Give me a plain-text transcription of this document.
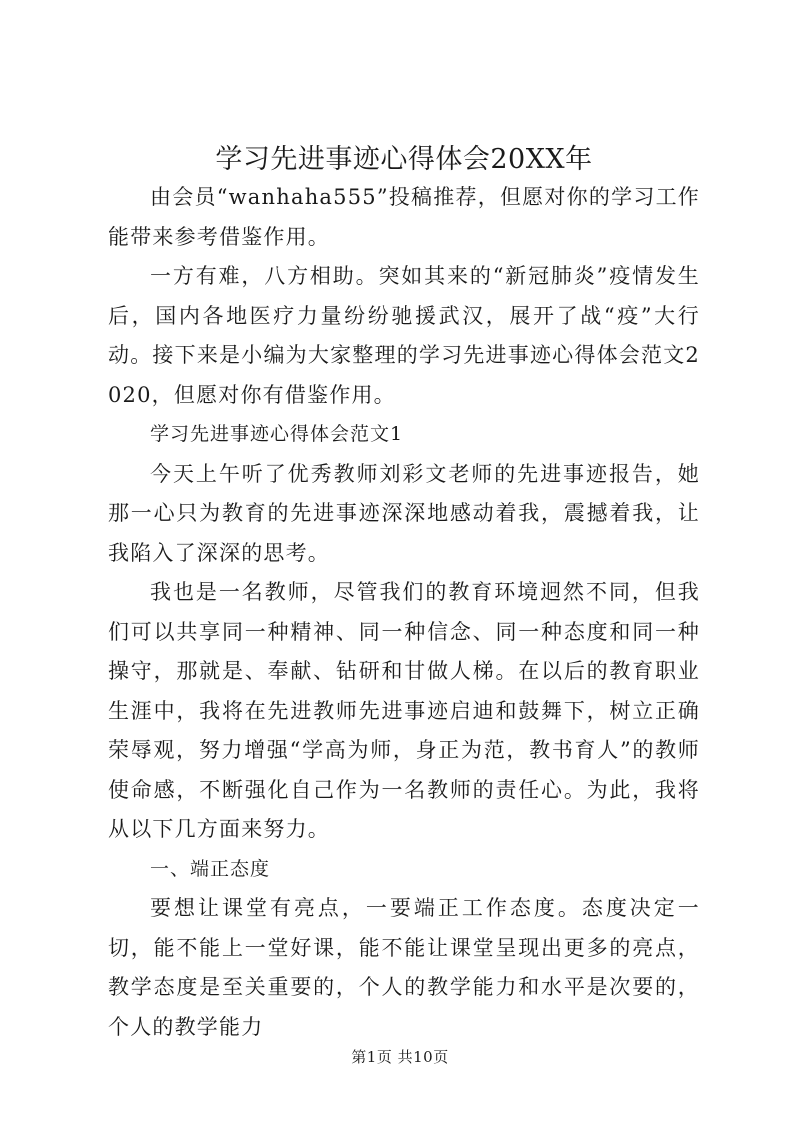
学习先进事迹心得体会20XX年

由会员“wanhaha555”投稿推荐，但愿对你的学习工作能带来参考借鉴作用。

一方有难，八方相助。突如其来的“新冠肺炎”疫情发生后，国内各地医疗力量纷纷驰援武汉，展开了战“疫”大行动。接下来是小编为大家整理的学习先进事迹心得体会范文2020，但愿对你有借鉴作用。

学习先进事迹心得体会范文1

今天上午听了优秀教师刘彩文老师的先进事迹报告，她那一心只为教育的先进事迹深深地感动着我，震撼着我，让我陷入了深深的思考。

我也是一名教师，尽管我们的教育环境迥然不同，但我们可以共享同一种精神、同一种信念、同一种态度和同一种操守，那就是、奉献、钻研和甘做人梯。在以后的教育职业生涯中，我将在先进教师先进事迹启迪和鼓舞下，树立正确荣辱观，努力增强“学高为师，身正为范，教书育人”的教师使命感，不断强化自己作为一名教师的责任心。为此，我将从以下几方面来努力。

一、端正态度

要想让课堂有亮点，一要端正工作态度。态度决定一切，能不能上一堂好课，能不能让课堂呈现出更多的亮点，教学态度是至关重要的，个人的教学能力和水平是次要的，个人的教学能力

第1页 共10页
